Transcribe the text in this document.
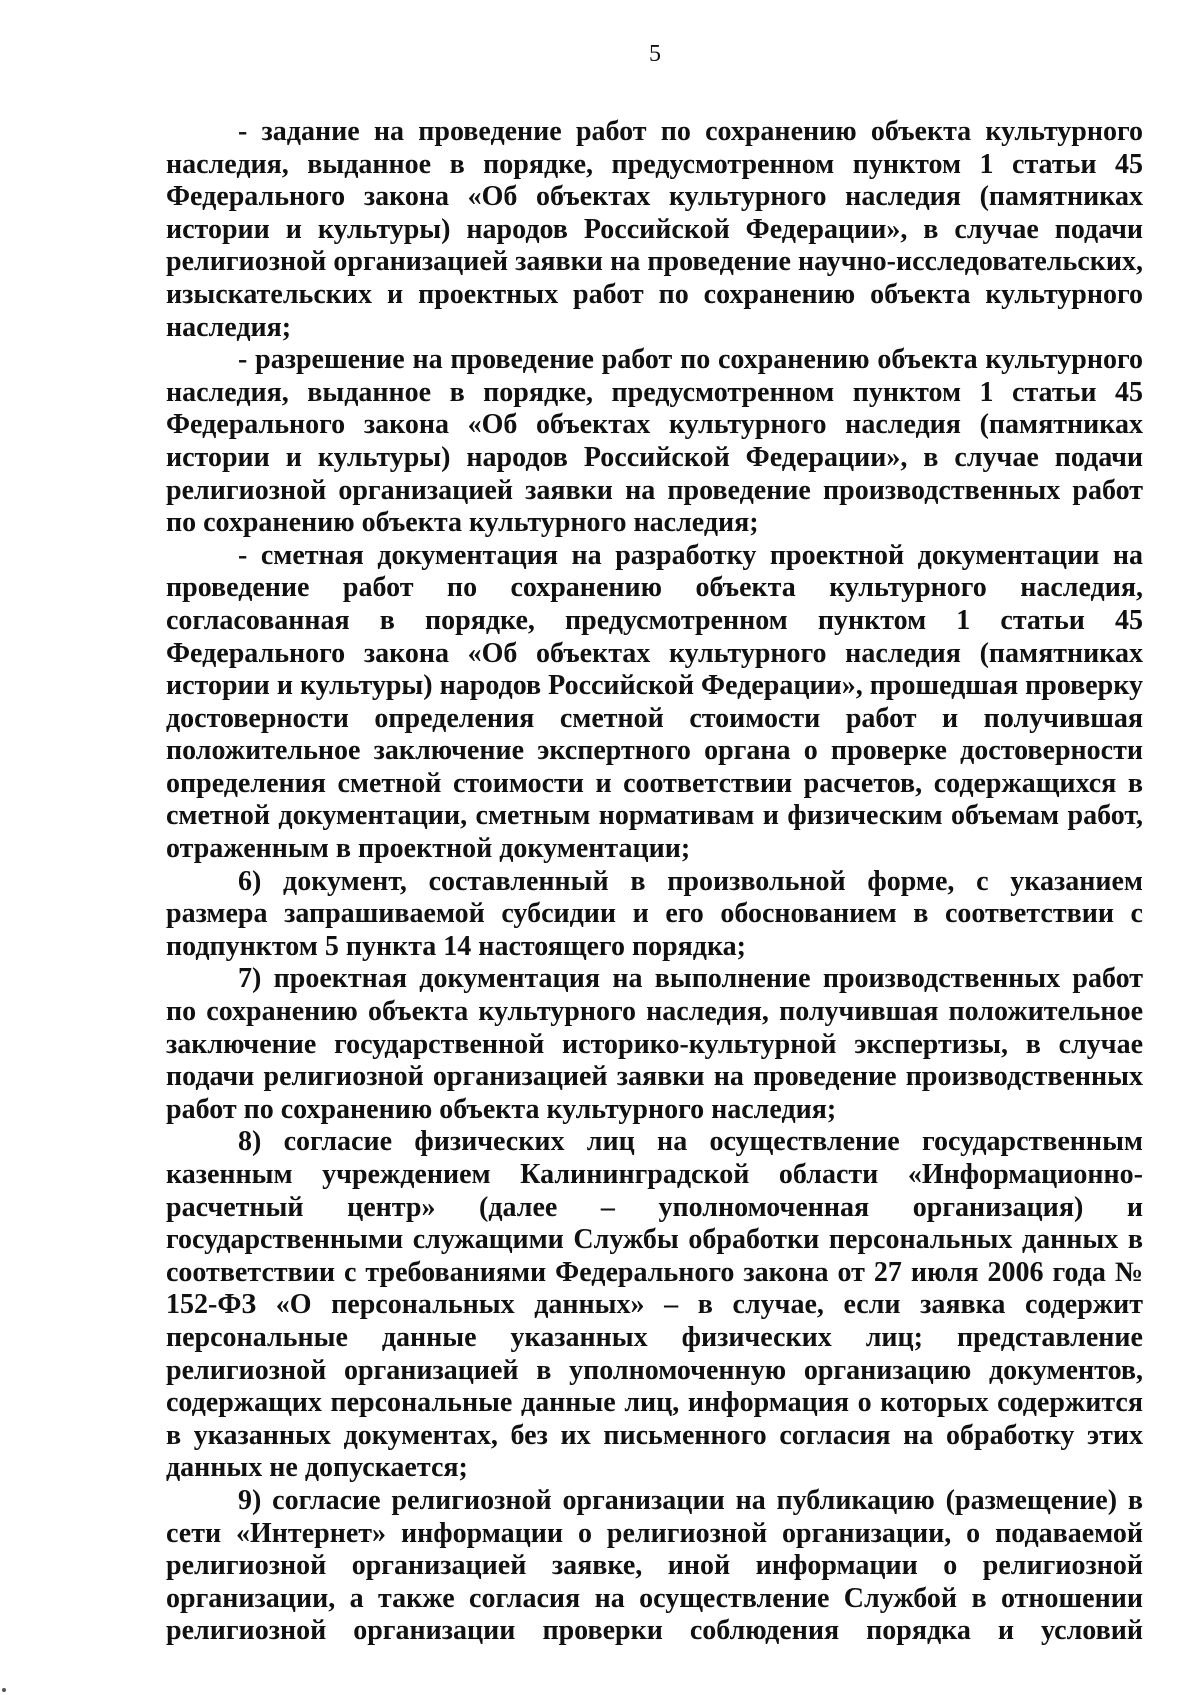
5

- задание на проведение работ по сохранению объекта культурного наследия, выданное в порядке, предусмотренном пунктом 1 статьи 45 Федерального закона «Об объектах культурного наследия (памятниках истории и культуры) народов Российской Федерации», в случае подачи религиозной организацией заявки на проведение научно-исследовательских, изыскательских и проектных работ по сохранению объекта культурного наследия;

- разрешение на проведение работ по сохранению объекта культурного наследия, выданное в порядке, предусмотренном пунктом 1 статьи 45 Федерального закона «Об объектах культурного наследия (памятниках истории и культуры) народов Российской Федерации», в случае подачи религиозной организацией заявки на проведение производственных работ по сохранению объекта культурного наследия;

- сметная документация на разработку проектной документации на проведение работ по сохранению объекта культурного наследия, согласованная в порядке, предусмотренном пунктом 1 статьи 45 Федерального закона «Об объектах культурного наследия (памятниках истории и культуры) народов Российской Федерации», прошедшая проверку достоверности определения сметной стоимости работ и получившая положительное заключение экспертного органа о проверке достоверности определения сметной стоимости и соответствии расчетов, содержащихся в сметной документации, сметным нормативам и физическим объемам работ, отраженным в проектной документации;

6) документ, составленный в произвольной форме, с указанием размера запрашиваемой субсидии и его обоснованием в соответствии с подпунктом 5 пункта 14 настоящего порядка;

7) проектная документация на выполнение производственных работ по сохранению объекта культурного наследия, получившая положительное заключение государственной историко-культурной экспертизы, в случае подачи религиозной организацией заявки на проведение производственных работ по сохранению объекта культурного наследия;

8) согласие физических лиц на осуществление государственным казенным учреждением Калининградской области «Информационно-расчетный центр» (далее – уполномоченная организация) и государственными служащими Службы обработки персональных данных в соответствии с требованиями Федерального закона от 27 июля 2006 года № 152-ФЗ «О персональных данных» – в случае, если заявка содержит персональные данные указанных физических лиц; представление религиозной организацией в уполномоченную организацию документов, содержащих персональные данные лиц, информация о которых содержится в указанных документах, без их письменного согласия на обработку этих данных не допускается;

9) согласие религиозной организации на публикацию (размещение) в сети «Интернет» информации о религиозной организации, о подаваемой религиозной организацией заявке, иной информации о религиозной организации, а также согласия на осуществление Службой в отношении религиозной организации проверки соблюдения порядка и условий
